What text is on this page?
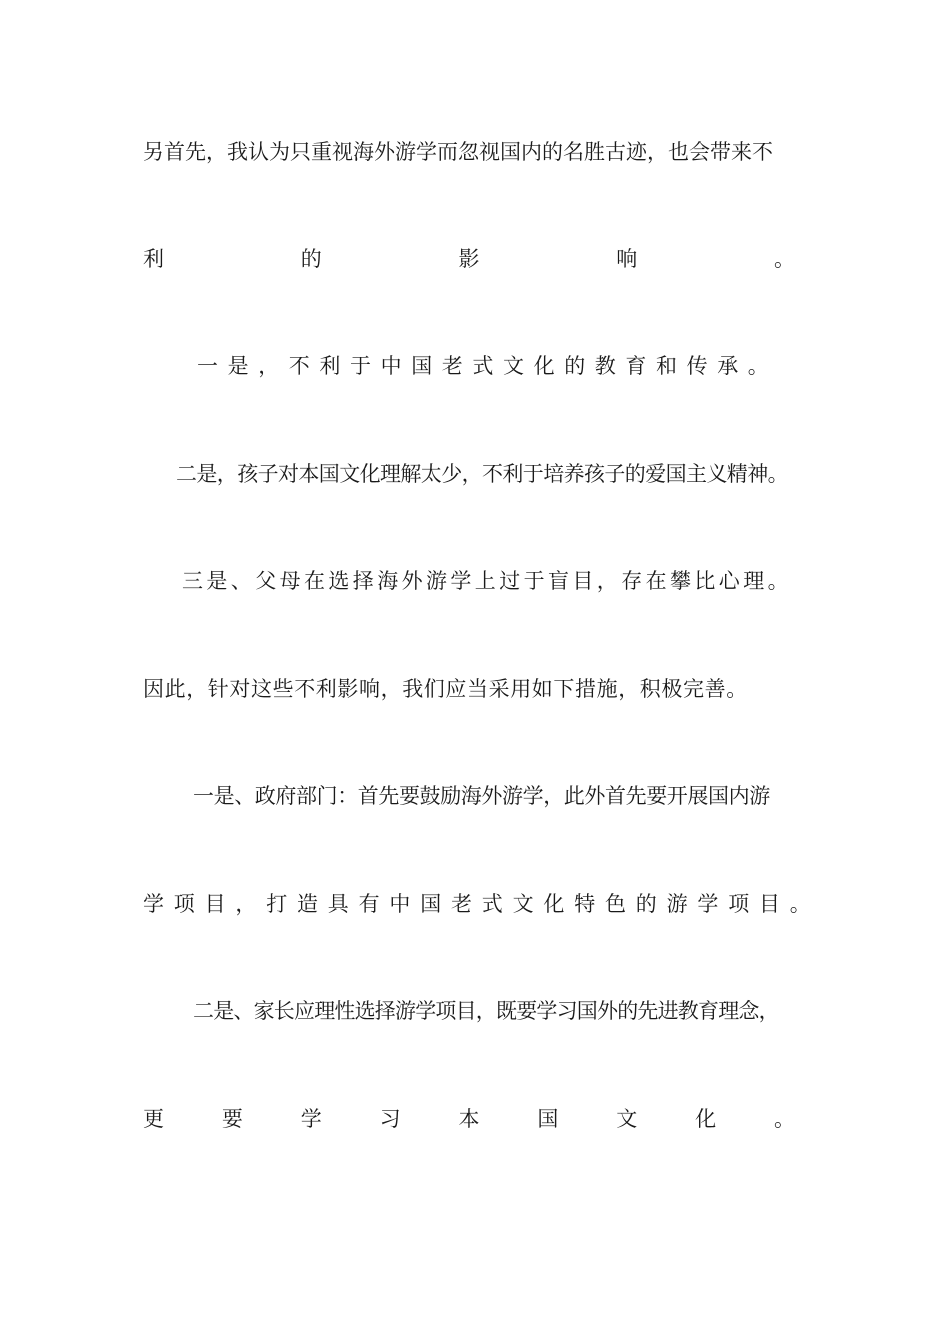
另首先，我认为只重视海外游学而忽视国内的名胜古迹，也会带来不
利	的	影	响	。
一是，不利于中国老式文化的教育和传承。
二是，孩子对本国文化理解太少，不利于培养孩子的爱国主义精神。
三是、父母在选择海外游学上过于盲目，存在攀比心理。
因此，针对这些不利影响，我们应当采用如下措施，积极完善。
一是、政府部门：首先要鼓励海外游学，此外首先要开展国内游
学项目，打造具有中国老式文化特色的游学项目。
二是、家长应理性选择游学项目，既要学习国外的先进教育理念，
更	要	学	习	本	国	文	化	。
